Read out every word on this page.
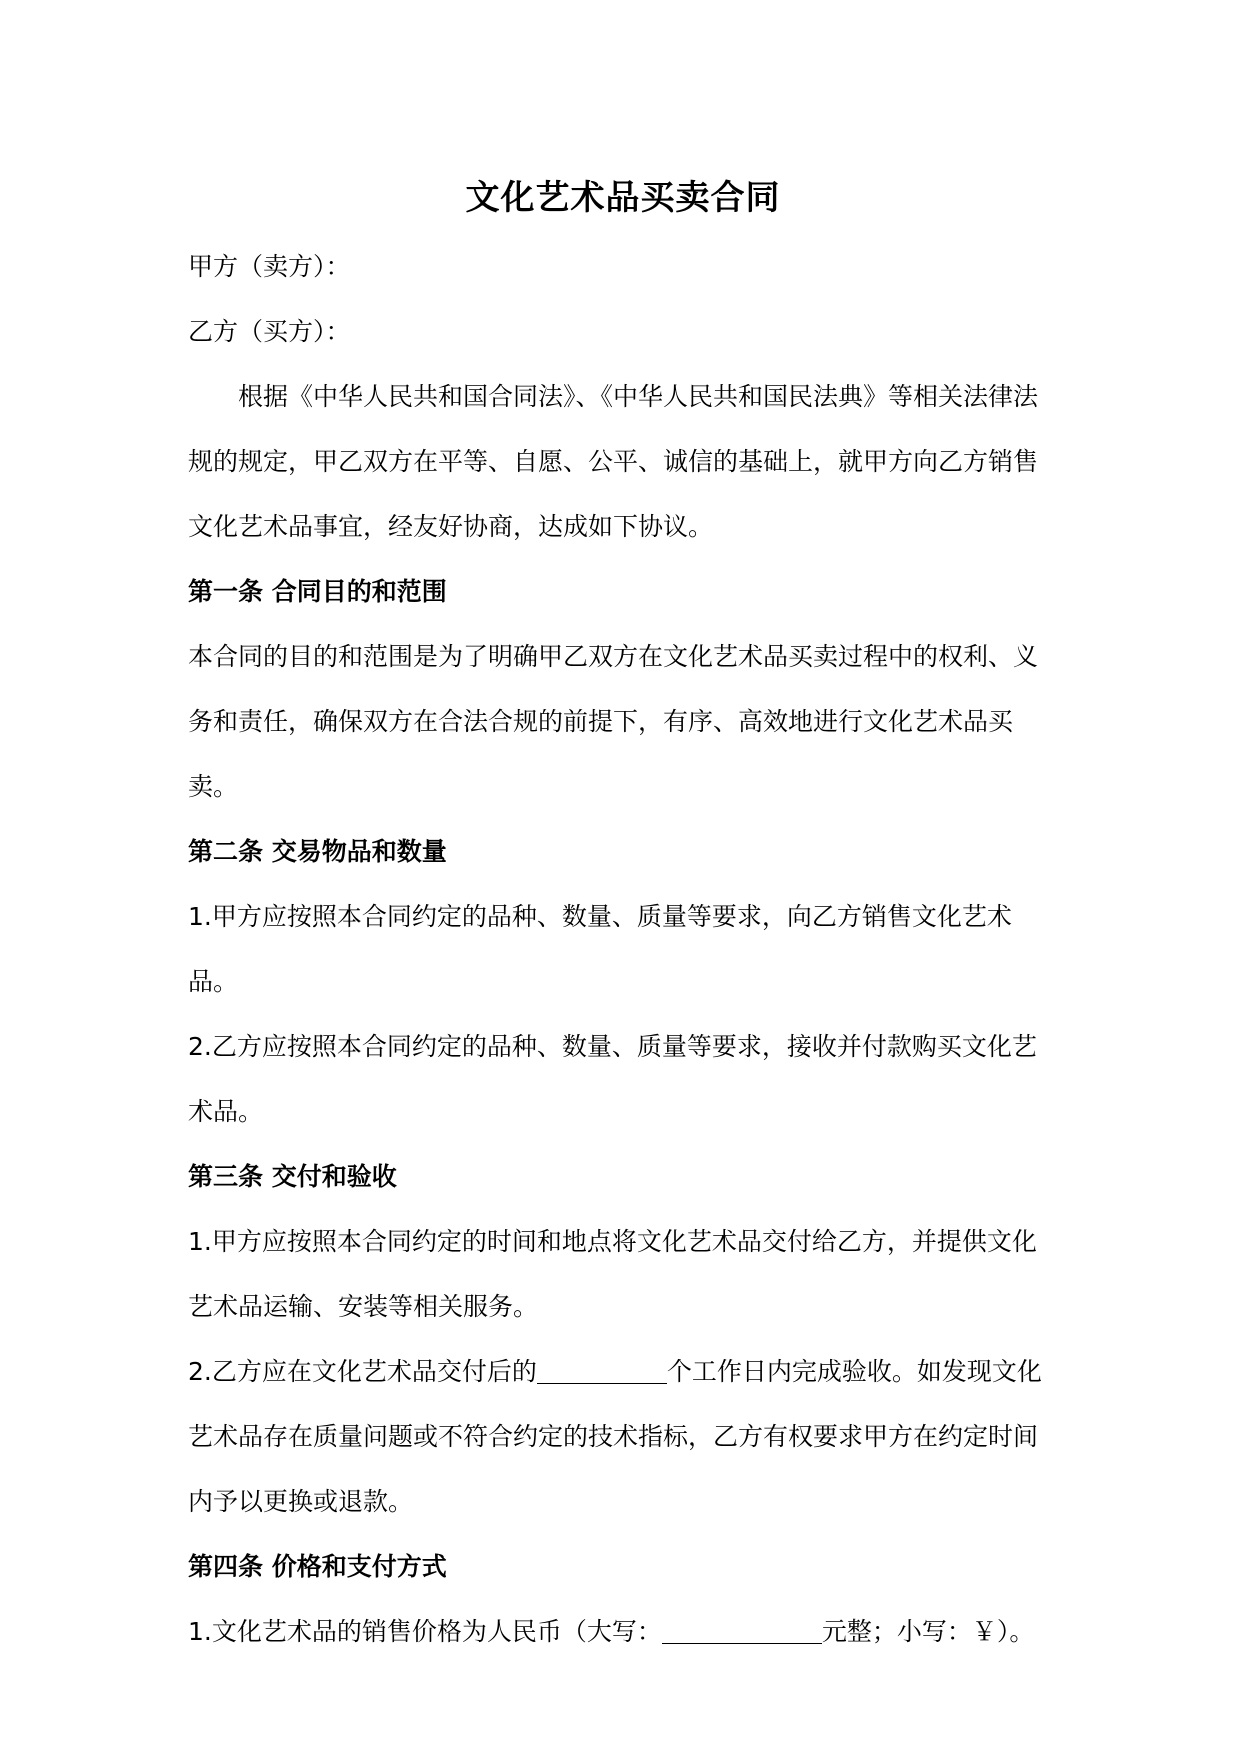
文化艺术品买卖合同

甲方（卖方）：

乙方（买方）：

根据《中华人民共和国合同法》、《中华人民共和国民法典》等相关法律法规的规定，甲乙双方在平等、自愿、公平、诚信的基础上，就甲方向乙方销售文化艺术品事宜，经友好协商，达成如下协议。

第一条 合同目的和范围

本合同的目的和范围是为了明确甲乙双方在文化艺术品买卖过程中的权利、义务和责任，确保双方在合法合规的前提下，有序、高效地进行文化艺术品买卖。

第二条 交易物品和数量

1.甲方应按照本合同约定的品种、数量、质量等要求，向乙方销售文化艺术品。

2.乙方应按照本合同约定的品种、数量、质量等要求，接收并付款购买文化艺术品。

第三条 交付和验收

1.甲方应按照本合同约定的时间和地点将文化艺术品交付给乙方，并提供文化艺术品运输、安装等相关服务。

2.乙方应在文化艺术品交付后的	个工作日内完成验收。如发现文化艺术品存在质量问题或不符合约定的技术指标，乙方有权要求甲方在约定时间内予以更换或退款。

第四条 价格和支付方式

1.文化艺术品的销售价格为人民币（大写：	元整；小写：￥）。
